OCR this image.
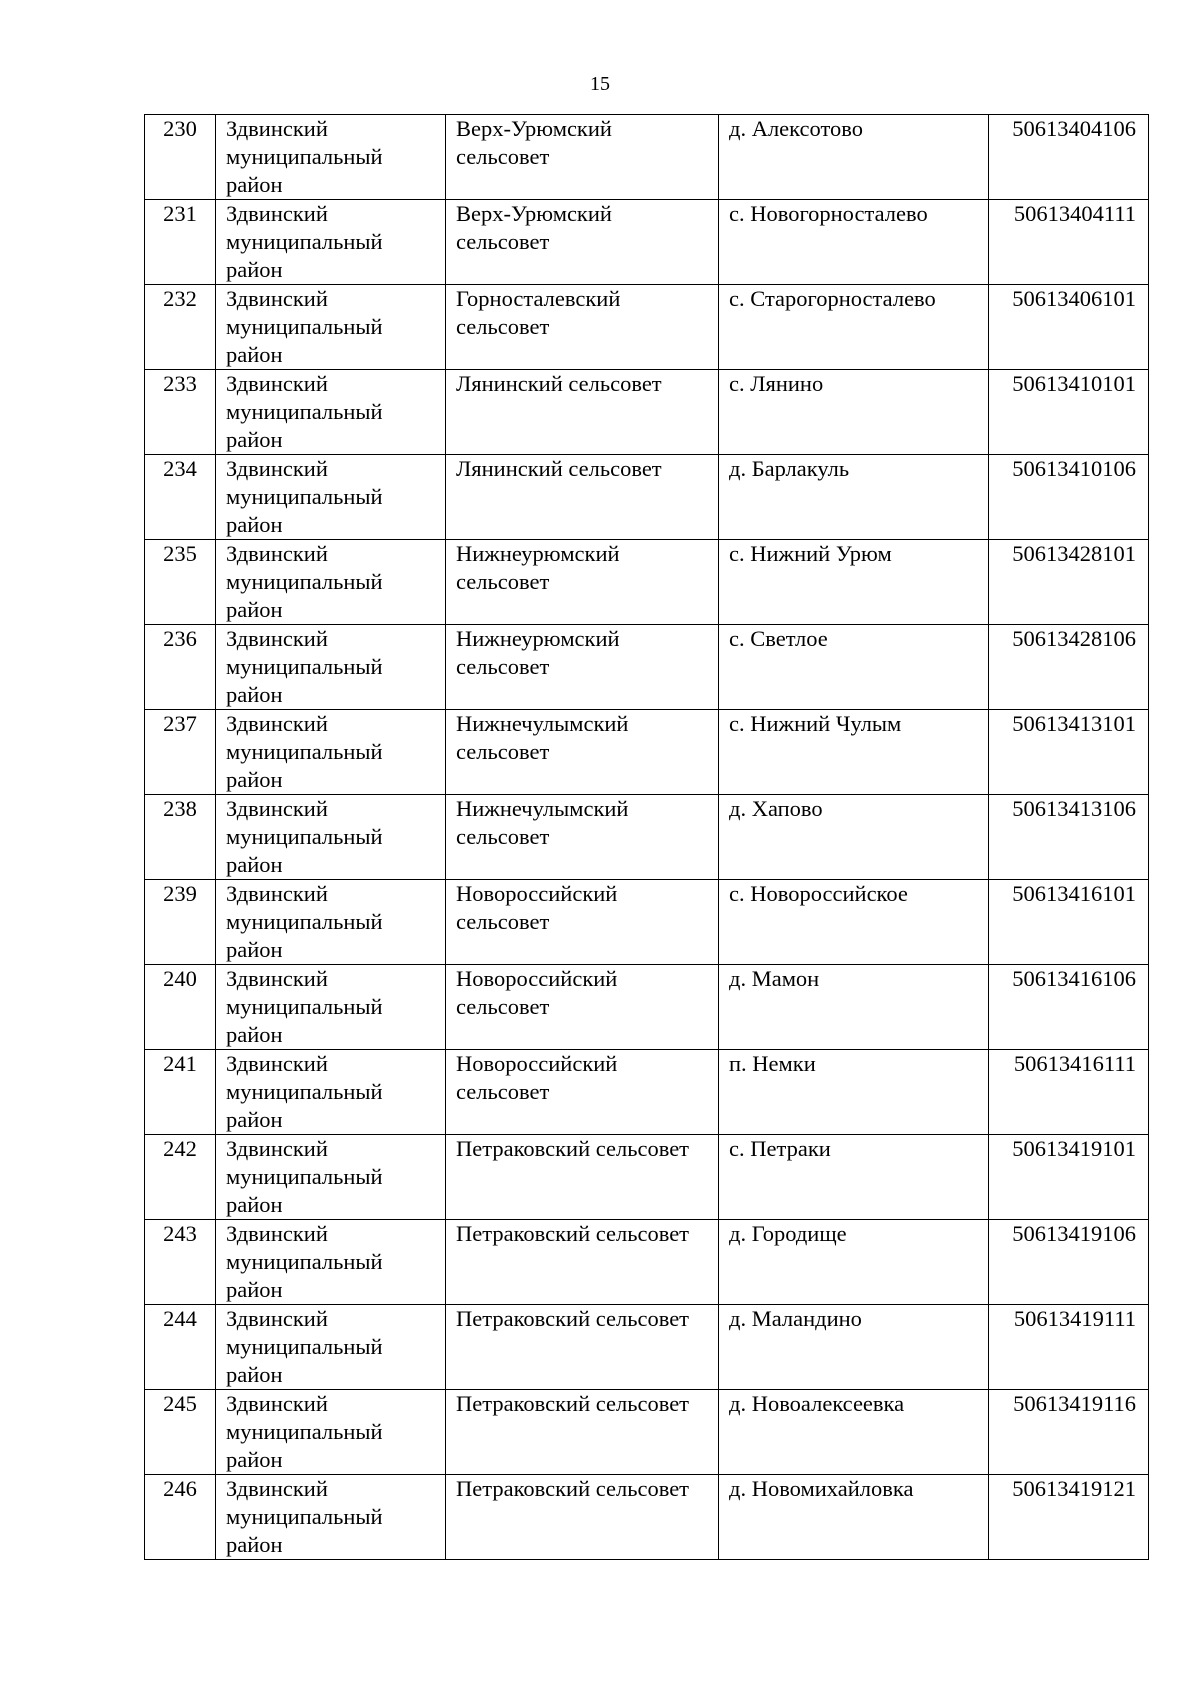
15
230	Здвинский муниципальный район	Верх-Урюмский сельсовет	д. Алексотово	50613404106
231	Здвинский муниципальный район	Верх-Урюмский сельсовет	с. Новогорносталево	50613404111
232	Здвинский муниципальный район	Горносталевский сельсовет	с. Старогорносталево	50613406101
233	Здвинский муниципальный район	Лянинский сельсовет	с. Лянино	50613410101
234	Здвинский муниципальный район	Лянинский сельсовет	д. Барлакуль	50613410106
235	Здвинский муниципальный район	Нижнеурюмский сельсовет	с. Нижний Урюм	50613428101
236	Здвинский муниципальный район	Нижнеурюмский сельсовет	с. Светлое	50613428106
237	Здвинский муниципальный район	Нижнечулымский сельсовет	с. Нижний Чулым	50613413101
238	Здвинский муниципальный район	Нижнечулымский сельсовет	д. Хапово	50613413106
239	Здвинский муниципальный район	Новороссийский сельсовет	с. Новороссийское	50613416101
240	Здвинский муниципальный район	Новороссийский сельсовет	д. Мамон	50613416106
241	Здвинский муниципальный район	Новороссийский сельсовет	п. Немки	50613416111
242	Здвинский муниципальный район	Петраковский сельсовет	с. Петраки	50613419101
243	Здвинский муниципальный район	Петраковский сельсовет	д. Городище	50613419106
244	Здвинский муниципальный район	Петраковский сельсовет	д. Маландино	50613419111
245	Здвинский муниципальный район	Петраковский сельсовет	д. Новоалексеевка	50613419116
246	Здвинский муниципальный район	Петраковский сельсовет	д. Новомихайловка	50613419121
